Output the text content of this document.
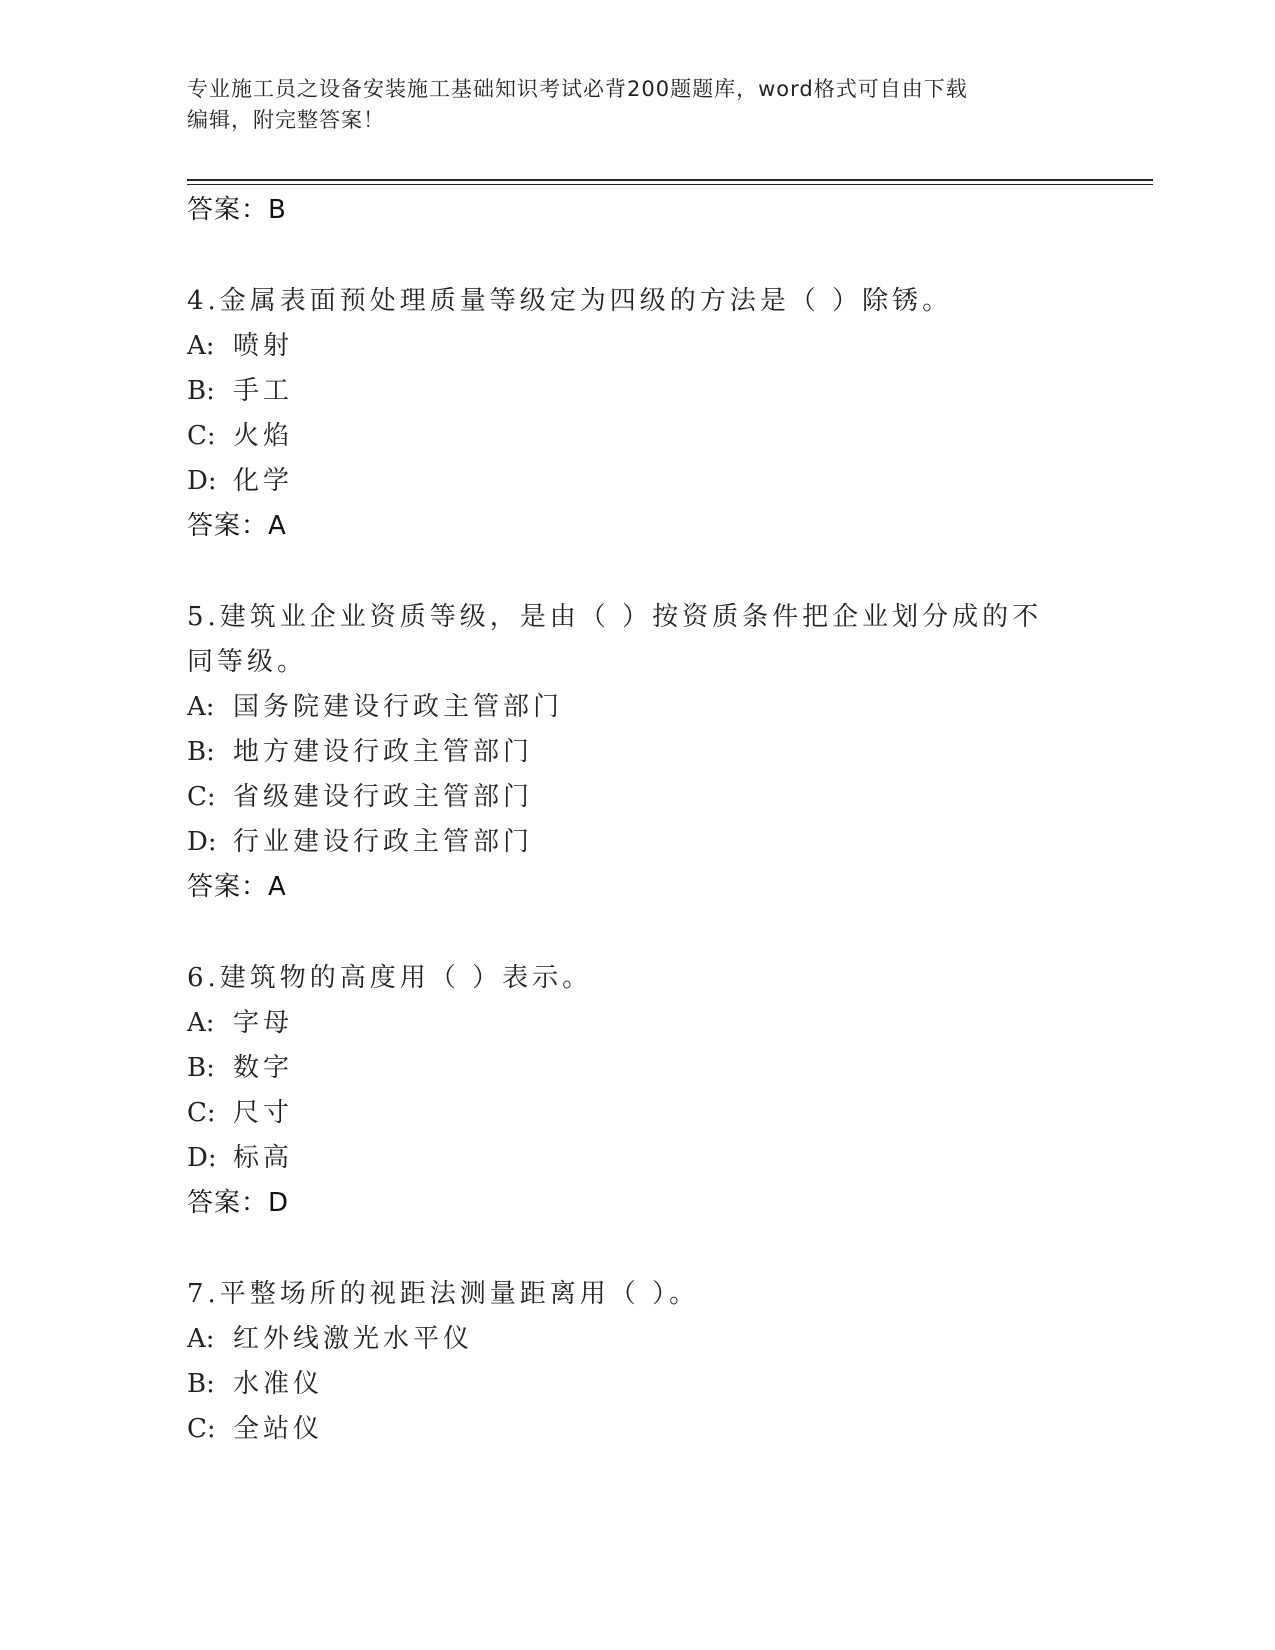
专业施工员之设备安装施工基础知识考试必背200题题库，word格式可自由下载
编辑，附完整答案！
答案：B
4.金属表面预处理质量等级定为四级的方法是（ ）除锈。
A: 喷射
B: 手工
C: 火焰
D: 化学
答案：A
5.建筑业企业资质等级，是由（ ）按资质条件把企业划分成的不同等级。
A: 国务院建设行政主管部门
B: 地方建设行政主管部门
C: 省级建设行政主管部门
D: 行业建设行政主管部门
答案：A
6.建筑物的高度用（ ）表示。
A: 字母
B: 数字
C: 尺寸
D: 标高
答案：D
7.平整场所的视距法测量距离用（ ）。
A: 红外线激光水平仪
B: 水准仪
C: 全站仪
